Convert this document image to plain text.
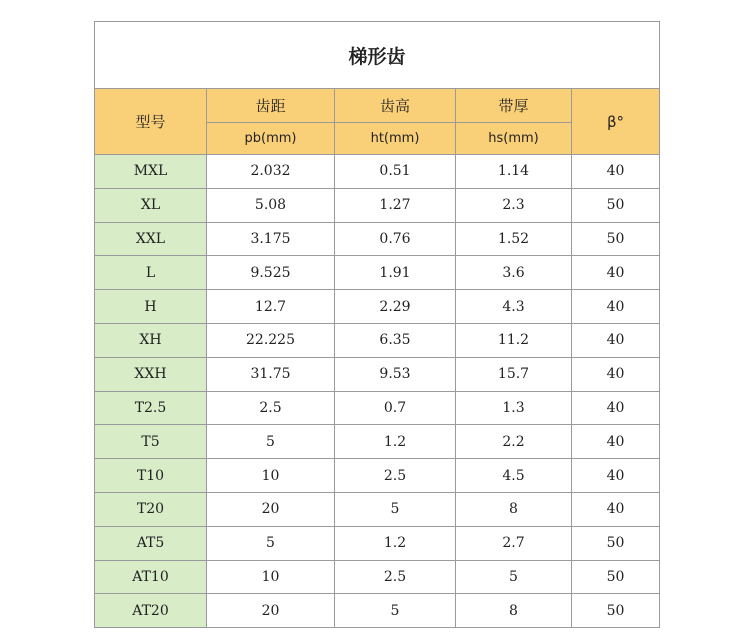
梯形齿				
型号	齿距	齿高	带厚	β°
	pb(mm)	ht(mm)	hs(mm)	
MXL	2.032	0.51	1.14	40
XL	5.08	1.27	2.3	50
XXL	3.175	0.76	1.52	50
L	9.525	1.91	3.6	40
H	12.7	2.29	4.3	40
XH	22.225	6.35	11.2	40
XXH	31.75	9.53	15.7	40
T2.5	2.5	0.7	1.3	40
T5	5	1.2	2.2	40
T10	10	2.5	4.5	40
T20	20	5	8	40
AT5	5	1.2	2.7	50
AT10	10	2.5	5	50
AT20	20	5	8	50
